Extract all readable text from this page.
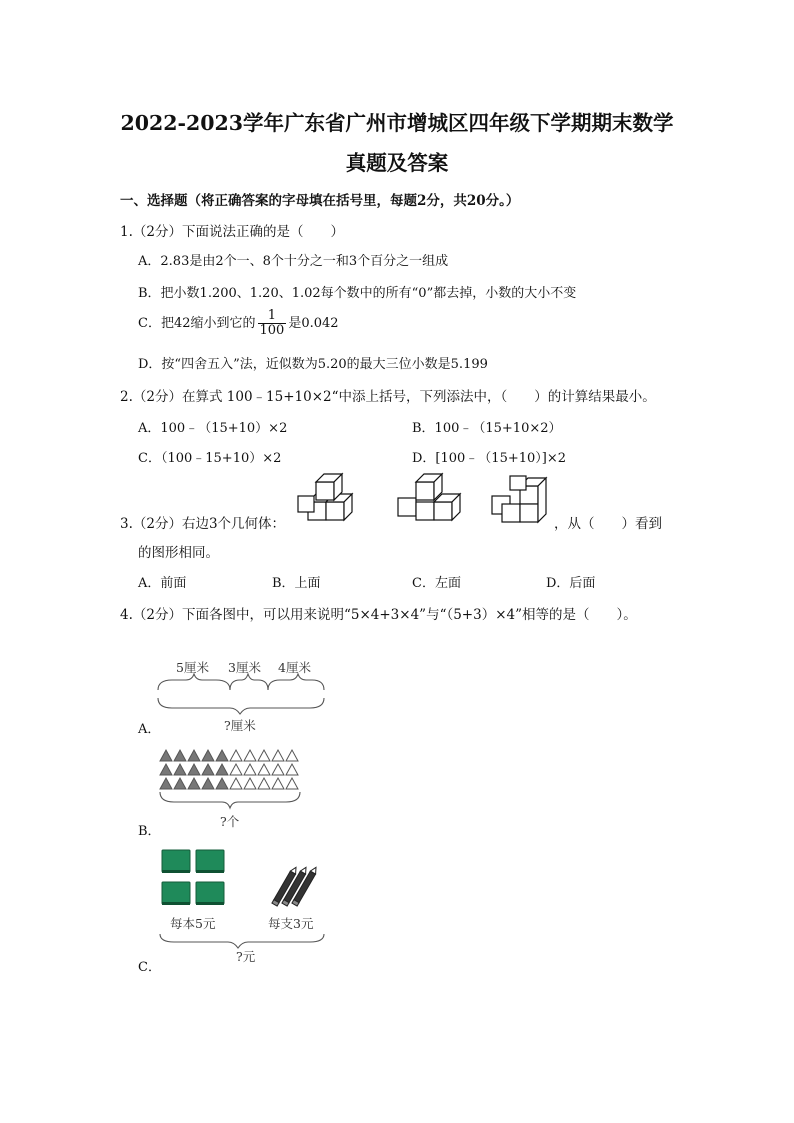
2022-2023学年广东省广州市增城区四年级下学期期末数学
真题及答案
一、选择题（将正确答案的字母填在括号里，每题2分，共20分。）
1.（2分）下面说法正确的是（　　）
A．2.83是由2个一、8个十分之一和3个百分之一组成
B．把小数1.200、1.20、1.02每个数中的所有“0”都去掉，小数的大小不变
C．把42缩小到它的 $\frac{1}{100}$ 是0.042
D．按“四舍五入”法，近似数为5.20的最大三位小数是5.199
2.（2分）在算式 100﹣15+10×2“中添上括号，下列添法中，（　　）的计算结果最小。
A．100﹣（15+10）×2	B．100﹣（15+10×2）
C．（100﹣15+10）×2	D．[100﹣（15+10）]×2
3.（2分）右边3个几何体：	，从（　　）看到
的图形相同。
A．前面	B．上面	C．左面	D．后面
4.（2分）下面各图中，可以用来说明“5×4+3×4”与“（5+3）×4”相等的是（　　）。
5厘米 3厘米 4厘米
?厘米
A．
?个
B．
每本5元	每支3元
?元
C．
